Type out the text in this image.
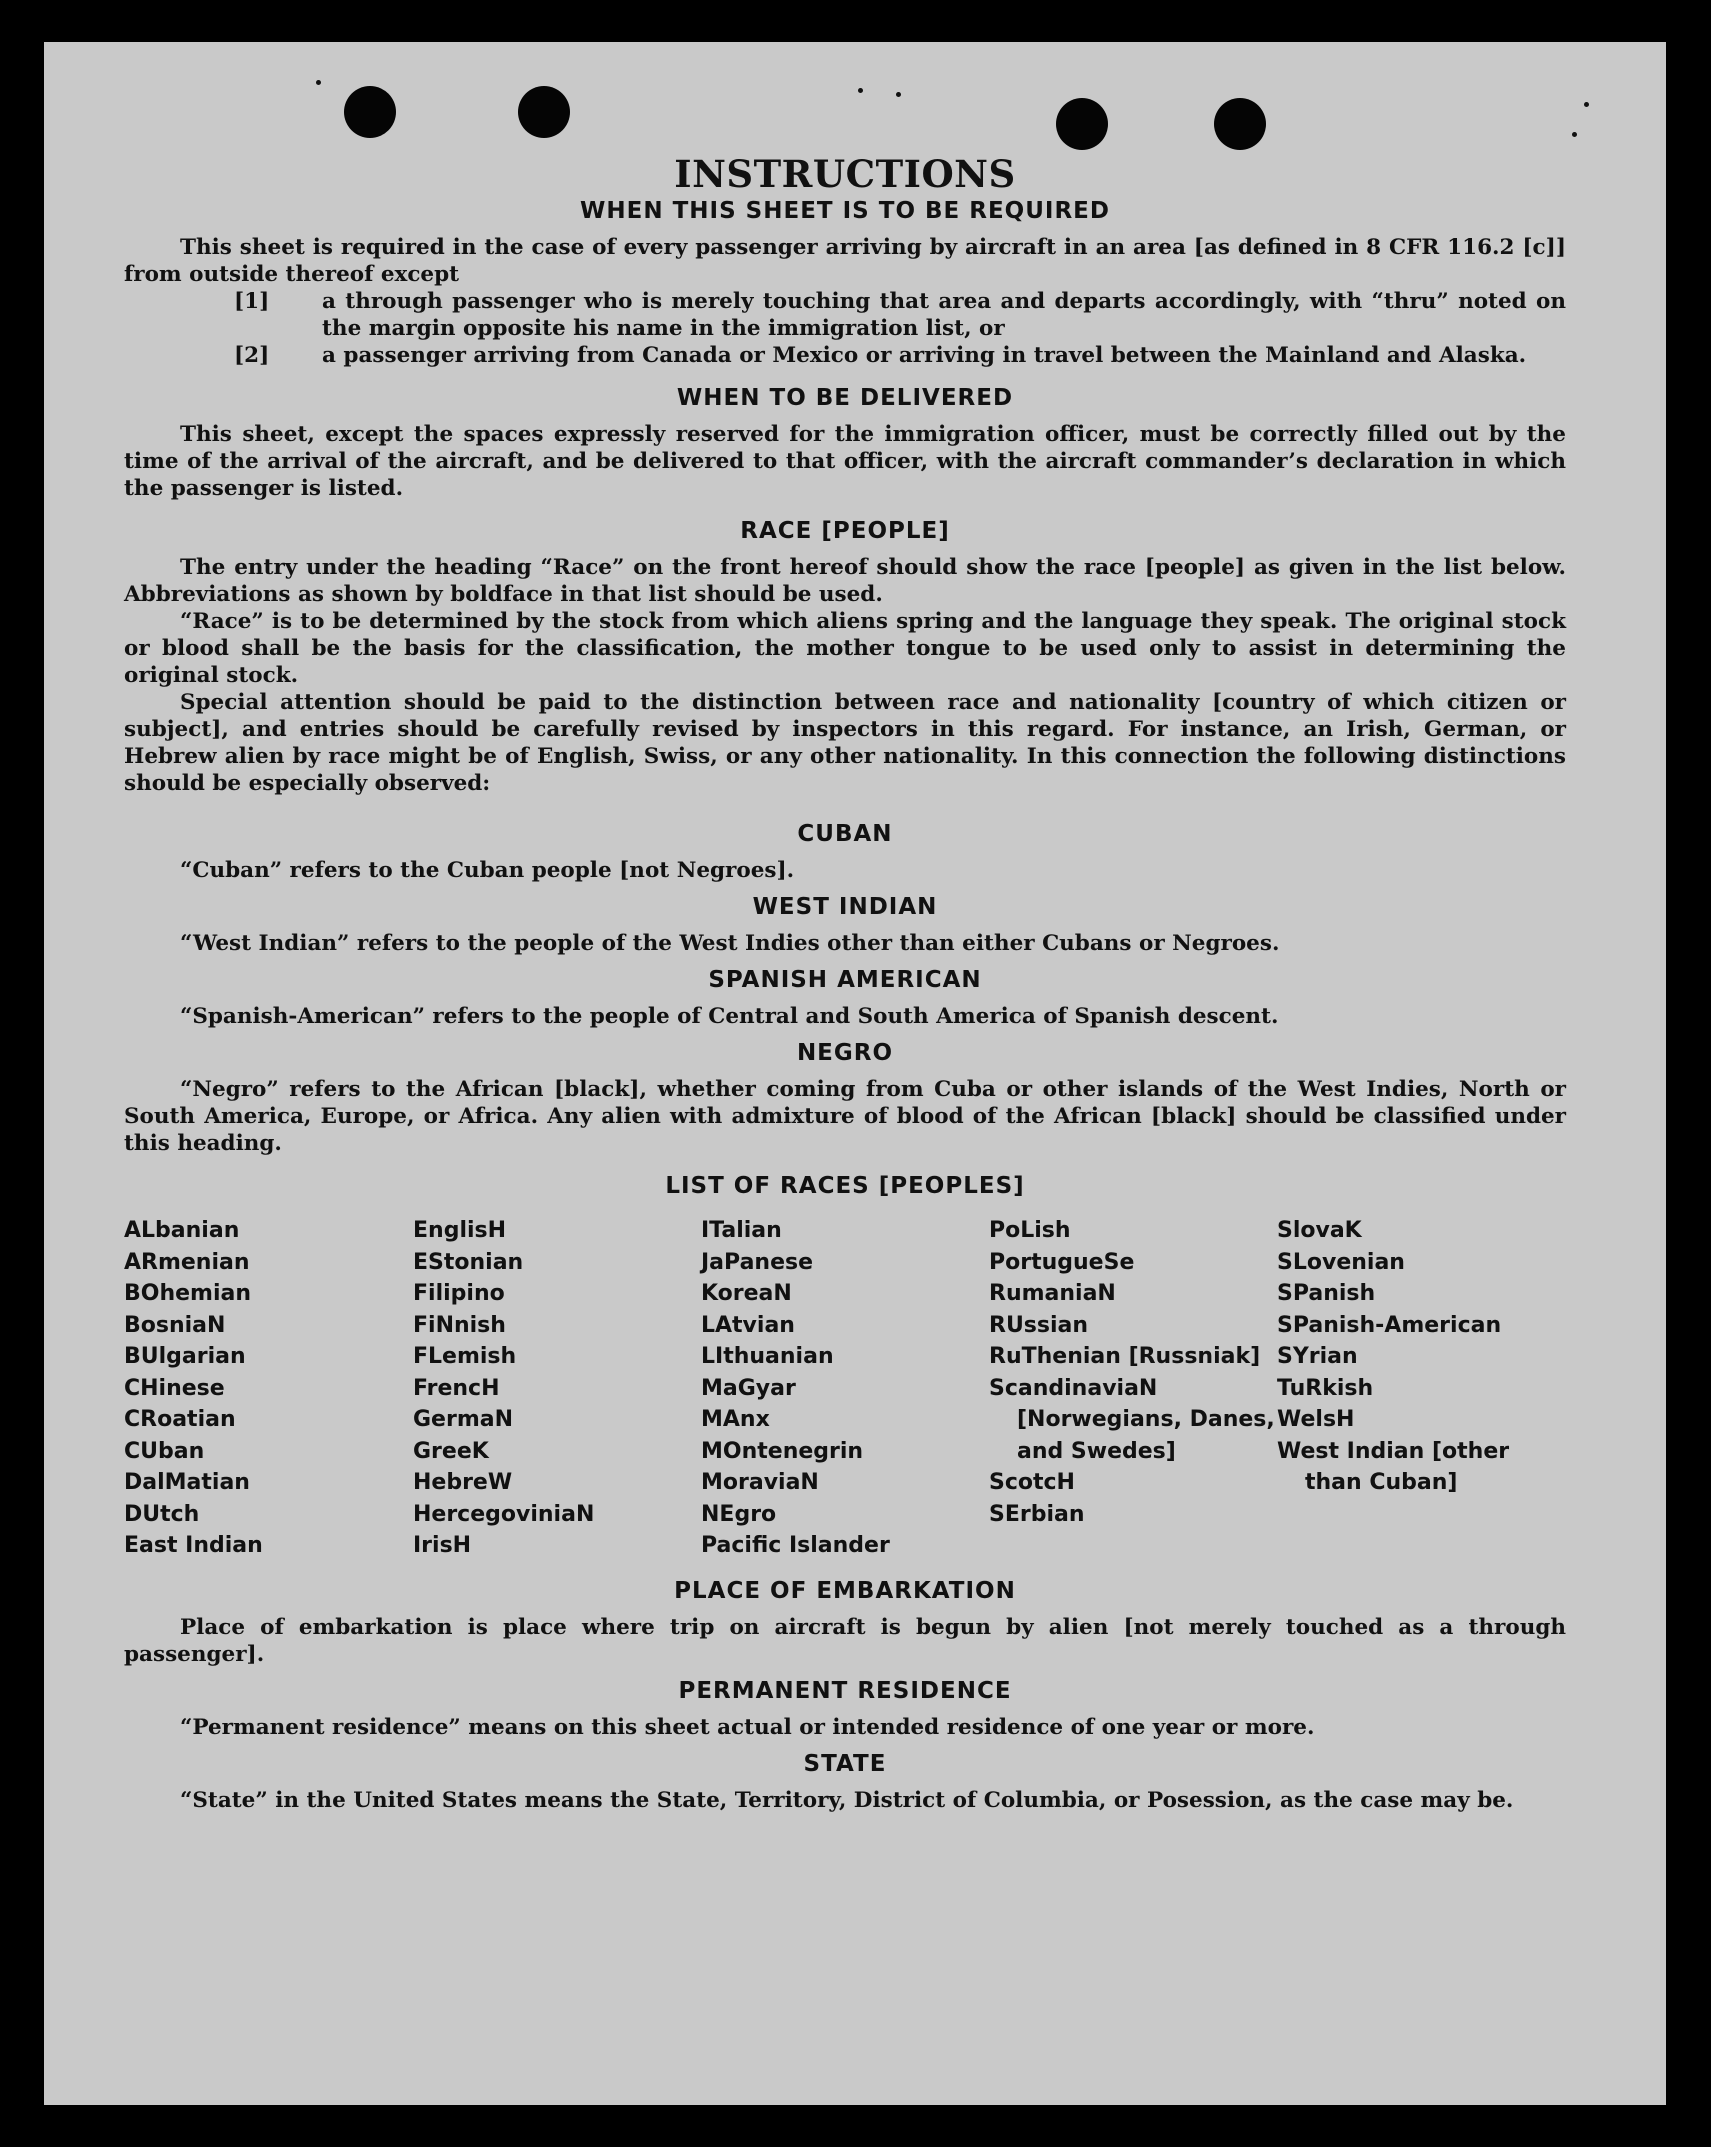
INSTRUCTIONS
WHEN THIS SHEET IS TO BE REQUIRED

This sheet is required in the case of every passenger arriving by aircraft in an area [as defined in 8 CFR 116.2 [c]] from outside thereof except

[1]	a through passenger who is merely touching that area and departs accordingly, with “thru” noted on the margin opposite his name in the immigration list, or
[2]	a passenger arriving from Canada or Mexico or arriving in travel between the Mainland and Alaska.
WHEN TO BE DELIVERED

This sheet, except the spaces expressly reserved for the immigration officer, must be correctly filled out by the time of the arrival of the aircraft, and be delivered to that officer, with the aircraft commander’s declaration in which the passenger is listed.

RACE [PEOPLE]

The entry under the heading “Race” on the front hereof should show the race [people] as given in the list below. Abbreviations as shown by boldface in that list should be used.

“Race” is to be determined by the stock from which aliens spring and the language they speak. The original stock or blood shall be the basis for the classification, the mother tongue to be used only to assist in determining the original stock.

Special attention should be paid to the distinction between race and nationality [country of which citizen or subject], and entries should be carefully revised by inspectors in this regard. For instance, an Irish, German, or Hebrew alien by race might be of English, Swiss, or any other nationality. In this connection the following distinctions should be especially observed:

CUBAN

“Cuban” refers to the Cuban people [not Negroes].

WEST INDIAN

“West Indian” refers to the people of the West Indies other than either Cubans or Negroes.

SPANISH AMERICAN

“Spanish-American” refers to the people of Central and South America of Spanish descent.

NEGRO

“Negro” refers to the African [black], whether coming from Cuba or other islands of the West Indies, North or South America, Europe, or Africa. Any alien with admixture of blood of the African [black] should be classified under this heading.

LIST OF RACES [PEOPLES]
ALbanian
ARmenian
BOhemian
BosniaN
BUlgarian
CHinese
CRoatian
CUban
DalMatian
DUtch
East Indian
EnglisH
EStonian
Filipino
FiNnish
FLemish
FrencH
GermaN
GreeK
HebreW
HercegoviniaN
IrisH
ITalian
JaPanese
KoreaN
LAtvian
LIthuanian
MaGyar
MAnx
MOntenegrin
MoraviaN
NEgro
Pacific Islander
PoLish
PortugueSe
RumaniaN
RUssian
RuThenian [Russniak]
ScandinaviaN [Norwegians, Danes, and Swedes]
ScotcH
SErbian
SlovaK
SLovenian
SPanish
SPanish-American
SYrian
TuRkish
WelsH
West Indian [other than Cuban]
PLACE OF EMBARKATION

Place of embarkation is place where trip on aircraft is begun by alien [not merely touched as a through passenger].

PERMANENT RESIDENCE

“Permanent residence” means on this sheet actual or intended residence of one year or more.

STATE

“State” in the United States means the State, Territory, District of Columbia, or Posession, as the case may be.
